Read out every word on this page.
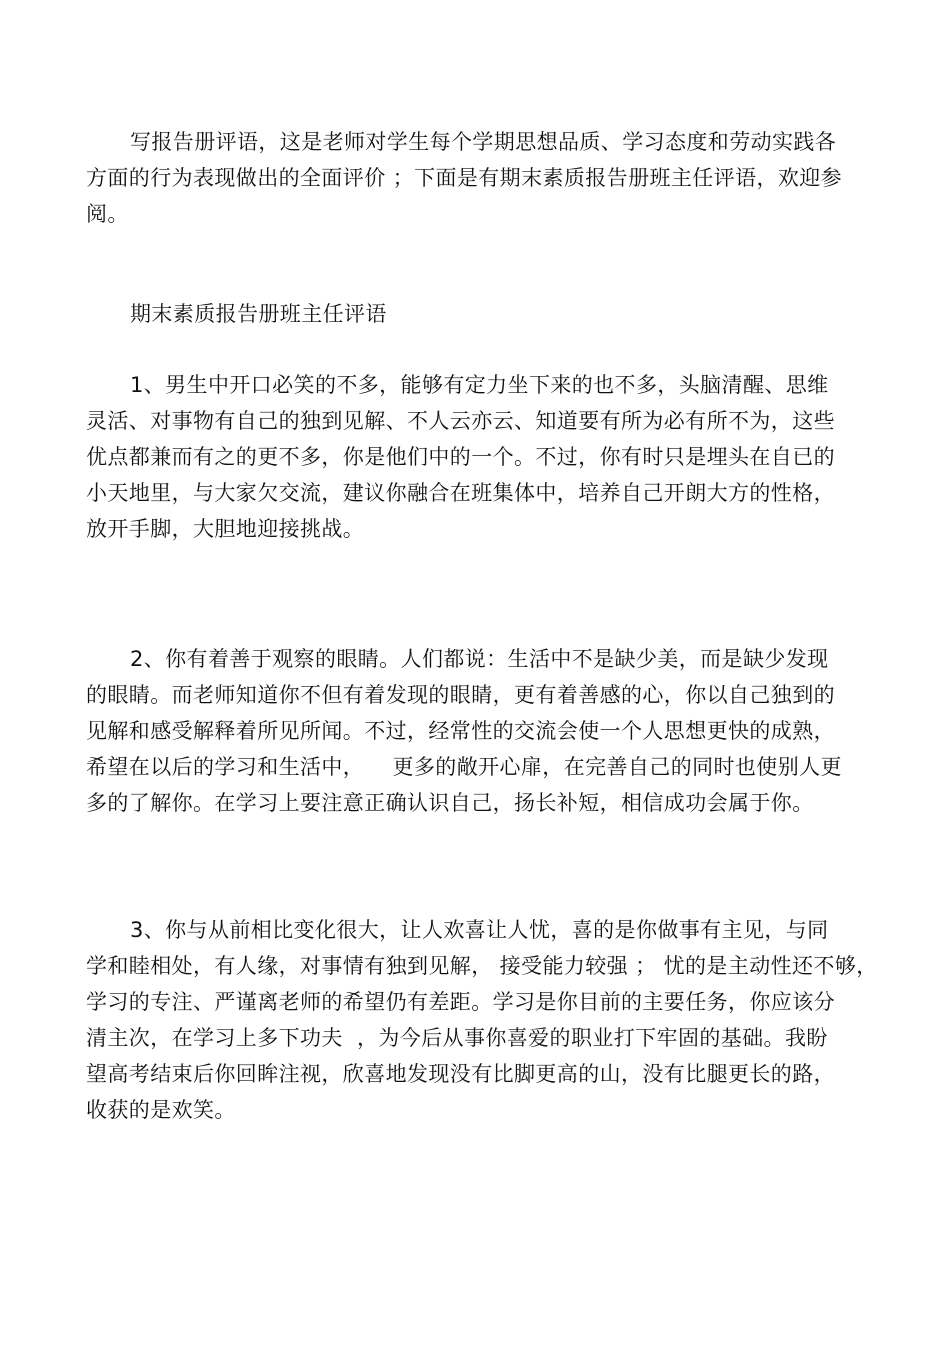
写报告册评语，这是老师对学生每个学期思想品质、学习态度和劳动实践各
方面的行为表现做出的全面评价 ；下面是有期末素质报告册班主任评语，欢迎参
阅。
期末素质报告册班主任评语
1、男生中开口必笑的不多，能够有定力坐下来的也不多，头脑清醒、思维
灵活、对事物有自己的独到见解、不人云亦云、知道要有所为必有所不为，这些
优点都兼而有之的更不多，你是他们中的一个。不过，你有时只是埋头在自已的
小天地里，与大家欠交流，建议你融合在班集体中，培养自己开朗大方的性格，
放开手脚，大胆地迎接挑战。
2、你有着善于观察的眼睛。人们都说：生活中不是缺少美，而是缺少发现
的眼睛。而老师知道你不但有着发现的眼睛，更有着善感的心，你以自己独到的
见解和感受解释着所见所闻。不过，经常性的交流会使一个人思想更快的成熟，
希望在以后的学习和生活中，    更多的敞开心扉，在完善自己的同时也使别人更
多的了解你。在学习上要注意正确认识自己，扬长补短，相信成功会属于你。
3、你与从前相比变化很大，让人欢喜让人忧，喜的是你做事有主见，与同
学和睦相处，有人缘，对事情有独到见解， 接受能力较强 ； 忧的是主动性还不够，
学习的专注、严谨离老师的希望仍有差距。学习是你目前的主要任务，你应该分
清主次，在学习上多下功夫  ，为今后从事你喜爱的职业打下牢固的基础。我盼
望高考结束后你回眸注视，欣喜地发现没有比脚更高的山，没有比腿更长的路，
收获的是欢笑。
